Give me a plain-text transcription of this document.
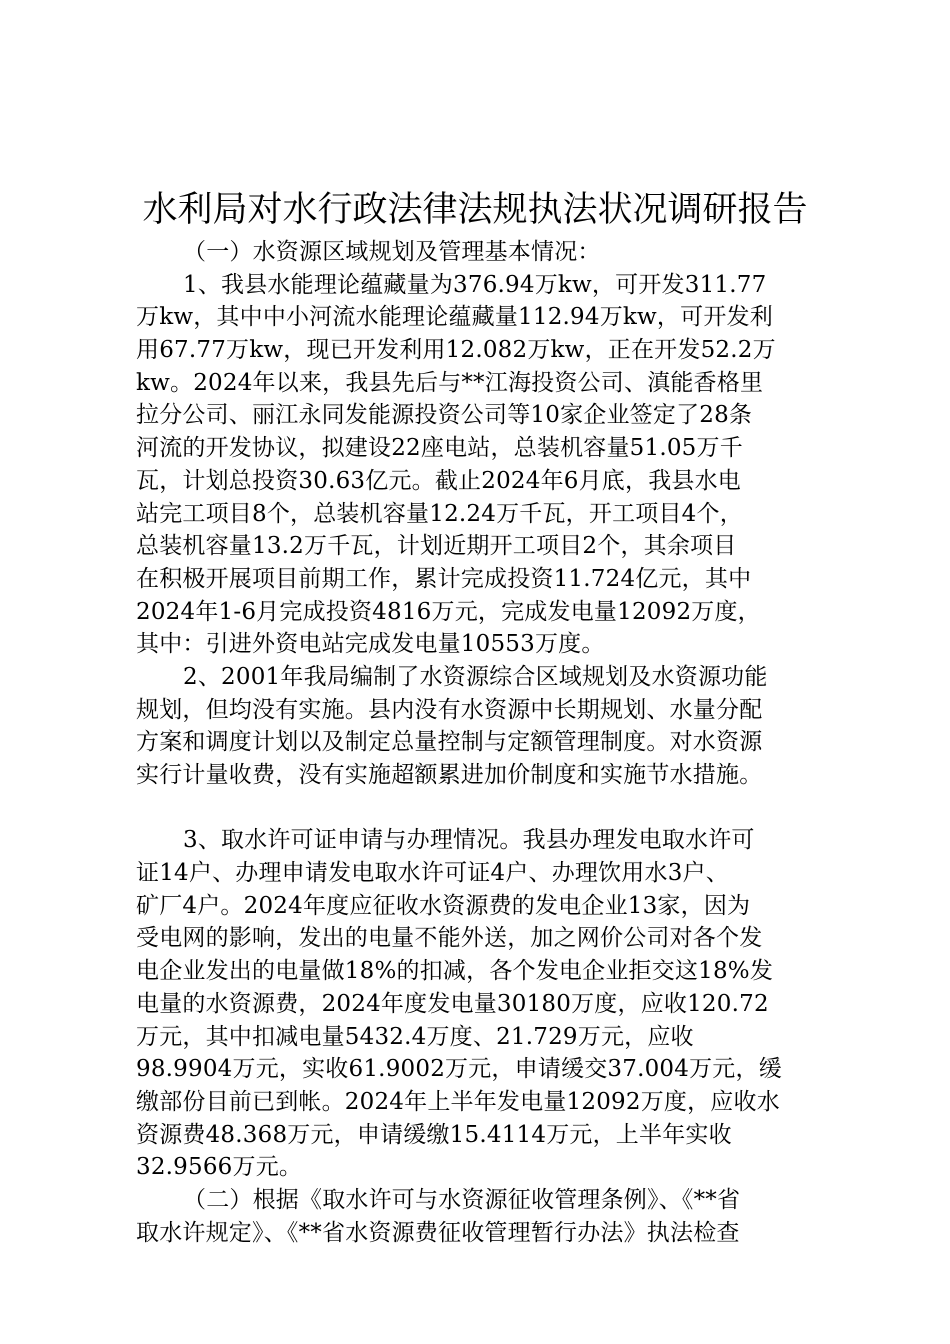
水利局对水行政法律法规执法状况调研报告
（一）水资源区域规划及管理基本情况：
1、我县水能理论蕴藏量为376.94万kw，可开发311.77
万kw，其中中小河流水能理论蕴藏量112.94万kw，可开发利
用67.77万kw，现已开发利用12.082万kw，正在开发52.2万
kw。2024年以来，我县先后与**江海投资公司、滇能香格里
拉分公司、丽江永同发能源投资公司等10家企业签定了28条
河流的开发协议，拟建设22座电站，总装机容量51.05万千
瓦，计划总投资30.63亿元。截止2024年6月底，我县水电
站完工项目8个，总装机容量12.24万千瓦，开工项目4个，
总装机容量13.2万千瓦，计划近期开工项目2个，其余项目
在积极开展项目前期工作，累计完成投资11.724亿元，其中
2024年1-6月完成投资4816万元，完成发电量12092万度，
其中：引进外资电站完成发电量10553万度。
2、2001年我局编制了水资源综合区域规划及水资源功能
规划，但均没有实施。县内没有水资源中长期规划、水量分配
方案和调度计划以及制定总量控制与定额管理制度。对水资源
实行计量收费，没有实施超额累进加价制度和实施节水措施。
3、取水许可证申请与办理情况。我县办理发电取水许可
证14户、办理申请发电取水许可证4户、办理饮用水3户、
矿厂4户。2024年度应征收水资源费的发电企业13家，因为
受电网的影响，发出的电量不能外送，加之网价公司对各个发
电企业发出的电量做18%的扣减，各个发电企业拒交这18%发
电量的水资源费，2024年度发电量30180万度，应收120.72
万元，其中扣减电量5432.4万度、21.729万元，应收
98.9904万元，实收61.9002万元，申请缓交37.004万元，缓
缴部份目前已到帐。2024年上半年发电量12092万度，应收水
资源费48.368万元，申请缓缴15.4114万元，上半年实收
32.9566万元。
（二）根据《取水许可与水资源征收管理条例》、《**省
取水许规定》、《**省水资源费征收管理暂行办法》执法检查
